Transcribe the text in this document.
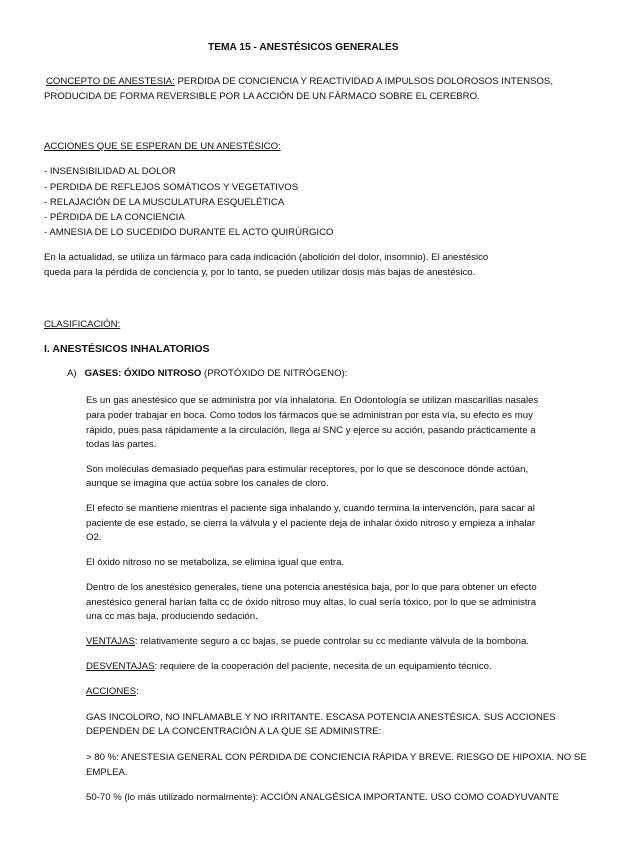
TEMA 15 - ANESTÉSICOS GENERALES
CONCEPTO DE ANESTESIA: PERDIDA DE CONCIENCIA Y REACTIVIDAD A IMPULSOS DOLOROSOS INTENSOS,
PRODUCIDA DE FORMA REVERSIBLE POR LA ACCIÓN DE UN FÁRMACO SOBRE EL CEREBRO.
ACCIONES QUE SE ESPERAN DE UN ANESTÉSICO:
- INSENSIBILIDAD AL DOLOR
- PERDIDA DE REFLEJOS SOMÁTICOS Y VEGETATIVOS
- RELAJACIÓN DE LA MUSCULATURA ESQUELÉTICA
- PÉRDIDA DE LA CONCIENCIA
- AMNESIA DE LO SUCEDIDO DURANTE EL ACTO QUIRÚRGICO
En la actualidad, se utiliza un fármaco para cada indicación (abolición del dolor, insomnio). El anestésico
queda para la pérdida de conciencia y, por lo tanto, se pueden utilizar dosis más bajas de anestésico.
CLASIFICACIÓN:
I. ANESTÉSICOS INHALATORIOS
A) GASES: ÓXIDO NITROSO (PROTÓXIDO DE NITRÓGENO):
Es un gas anestésico que se administra por vía inhalatoria. En Odontología se utilizan mascarillas nasales
para poder trabajar en boca. Como todos los fármacos que se administran por esta vía, su efecto es muy
rápido, pues pasa rápidamente a la circulación, llega al SNC y ejerce su acción, pasando prácticamente a
todas las partes.
Son moléculas demasiado pequeñas para estimular receptores, por lo que se desconoce dónde actúan,
aunque se imagina que actúa sobre los canales de cloro.
El efecto se mantiene mientras el paciente siga inhalando y, cuando termina la intervención, para sacar al
paciente de ese estado, se cierra la válvula y el paciente deja de inhalar óxido nitroso y empieza a inhalar
O2.
El óxido nitroso no se metaboliza, se elimina igual que entra.
Dentro de los anestésico generales, tiene una potencia anestésica baja, por lo que para obtener un efecto
anestésico general harían falta cc de óxido nitroso muy altas, lo cual sería tóxico, por lo que se administra
una cc más baja, produciendo sedación.
VENTAJAS: relativamente seguro a cc bajas, se puede controlar su cc mediante válvula de la bombona.
DESVENTAJAS: requiere de la cooperación del paciente, necesita de un equipamiento técnico.
ACCIONES:
GAS INCOLORO, NO INFLAMABLE Y NO IRRITANTE. ESCASA POTENCIA ANESTÉSICA. SUS ACCIONES
DEPENDEN DE LA CONCENTRACIÓN A LA QUE SE ADMINISTRE:
> 80 %: ANESTESIA GENERAL CON PÉRDIDA DE CONCIENCIA RÁPIDA Y BREVE. RIESGO DE HIPOXIA. NO SE
EMPLEA.
50-70 % (lo más utilizado normalmente): ACCIÓN ANALGÉSICA IMPORTANTE. USO COMO COADYUVANTE
